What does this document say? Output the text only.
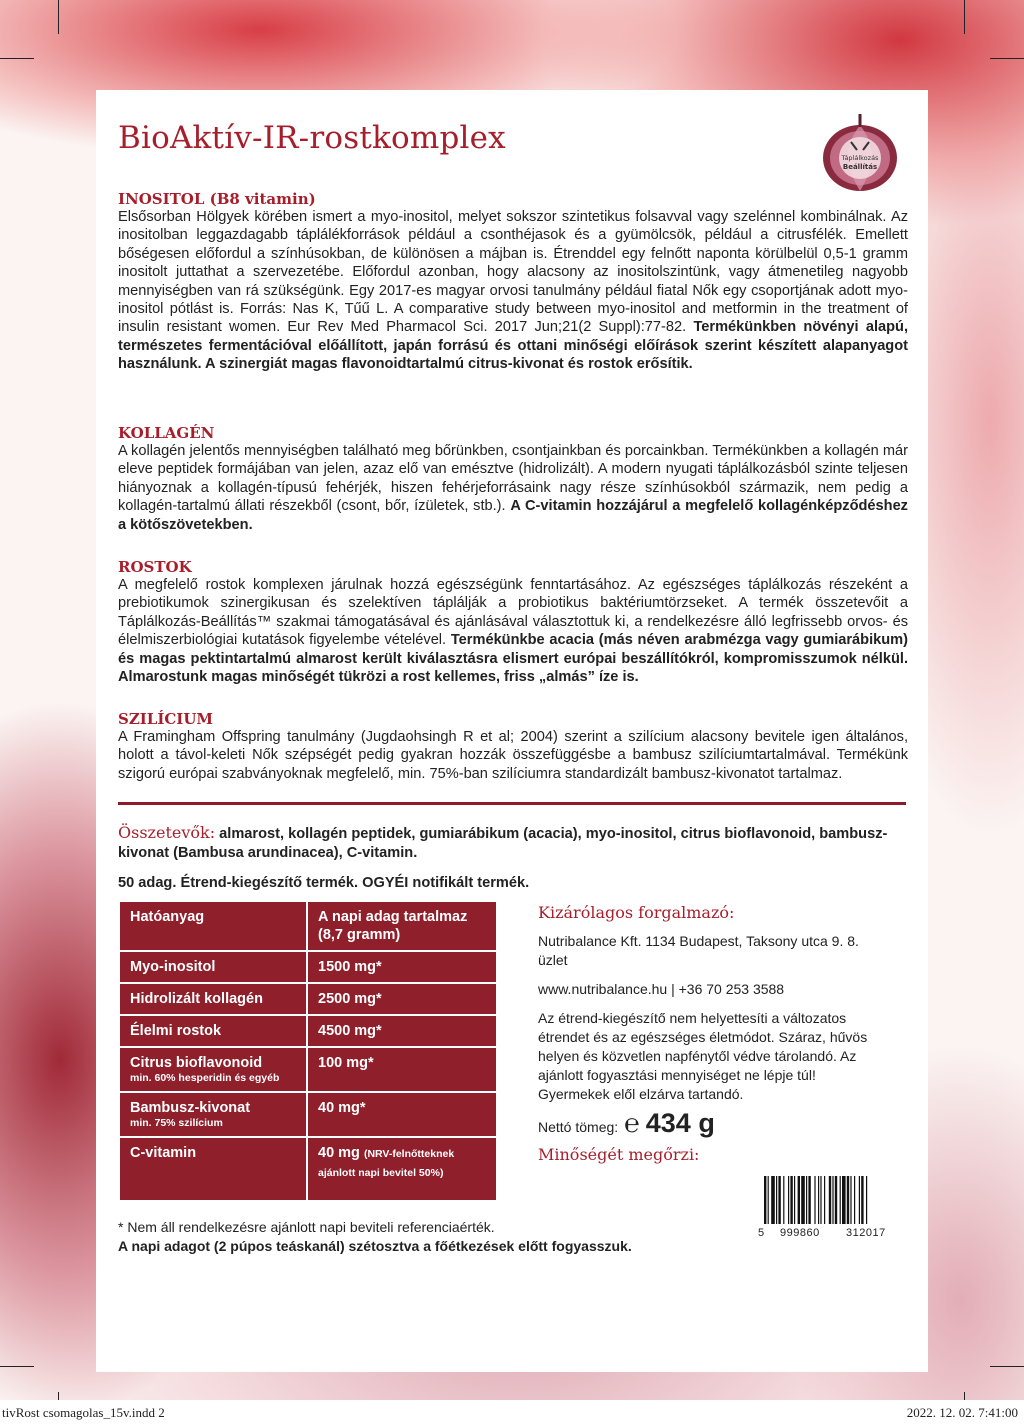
BioAktív-IR-rostkomplex
Táplálkozás
Beállítás
INOSITOL (B8 vitamin)

Elsősorban Hölgyek körében ismert a myo-inositol, melyet sokszor szintetikus folsavval vagy szelénnel kombinálnak. Az inositolban leggazdagabb táplálékforrások például a csonthéjasok és a gyümölcsök, például a citrusfélék. Emellett bőségesen előfordul a színhúsokban, de különösen a májban is. Étrenddel egy felnőtt naponta körülbelül 0,5-1 gramm inositolt juttathat a szervezetébe. Előfordul azonban, hogy alacsony az inositolszintünk, vagy átmenetileg nagyobb mennyiségben van rá szükségünk. Egy 2017-es magyar orvosi tanulmány például fiatal Nők egy csoportjának adott myo-inositol pótlást is. Forrás: Nas K, Tűű L. A comparative study between myo-inositol and metformin in the treatment of insulin resistant women. Eur Rev Med Pharmacol Sci. 2017 Jun;21(2 Suppl):77-82. Termékünkben növényi alapú, természetes fermentációval előállított, japán forrású és ottani minőségi előírások szerint készített alapanyagot használunk. A szinergiát magas flavonoidtartalmú citrus-kivonat és rostok erősítik.

KOLLAGÉN

A kollagén jelentős mennyiségben található meg bőrünkben, csontjainkban és porcainkban. Termékünkben a kollagén már eleve peptidek formájában van jelen, azaz elő van emésztve (hidrolizált). A modern nyugati táplálkozásból szinte teljesen hiányoznak a kollagén-típusú fehérjék, hiszen fehérjeforrásaink nagy része színhúsokból származik, nem pedig a kollagén-tartalmú állati részekből (csont, bőr, ízületek, stb.). A C-vitamin hozzájárul a megfelelő kollagénképződéshez a kötőszövetekben.

ROSTOK

A megfelelő rostok komplexen járulnak hozzá egészségünk fenntartásához. Az egészséges táplálkozás részeként a prebiotikumok szinergikusan és szelektíven táplálják a probiotikus baktériumtörzseket. A termék összetevőit a Táplálkozás-Beállítás™ szakmai támogatásával és ajánlásával választottuk ki, a rendelkezésre álló legfrissebb orvos- és élelmiszerbiológiai kutatások figyelembe vételével. Termékünkbe acacia (más néven arabmézga vagy gumiarábikum) és magas pektintartalmú almarost került kiválasztásra elismert európai beszállítókról, kompromisszumok nélkül. Almarostunk magas minőségét tükrözi a rost kellemes, friss „almás” íze is.

SZILÍCIUM

A Framingham Offspring tanulmány (Jugdaohsingh R et al; 2004) szerint a szilícium alacsony bevitele igen általános, holott a távol-keleti Nők szépségét pedig gyakran hozzák összefüggésbe a bambusz szilíciumtartalmával. Termékünk szigorú európai szabványoknak megfelelő, min. 75%-ban szilíciumra standardizált bambusz-kivonatot tartalmaz.

Összetevők: almarost, kollagén peptidek, gumiarábikum (acacia), myo-inositol, citrus bioflavonoid, bambusz-kivonat (Bambusa arundinacea), C-vitamin.
50 adag. Étrend-kiegészítő termék. OGYÉI notifikált termék.
Hatóanyag	A napi adag tartalmaz (8,7 gramm)
Myo-inositol	1500 mg*
Hidrolizált kollagén	2500 mg*
Élelmi rostok	4500 mg*
Citrus bioflavonoid
min. 60% hesperidin és egyéb	100 mg*
Bambusz-kivonat
min. 75% szilícium	40 mg*
C-vitamin	40 mg (NRV-felnőtteknek ajánlott napi bevitel 50%)
* Nem áll rendelkezésre ajánlott napi beviteli referenciaérték.
A napi adagot (2 púpos teáskanál) szétosztva a főétkezések előtt fogyasszuk.
Kizárólagos forgalmazó:

Nutribalance Kft. 1134 Budapest, Taksony utca 9. 8. üzlet

www.nutribalance.hu | +36 70 253 3588

Az étrend-kiegészítő nem helyettesíti a változatos étrendet és az egészséges életmódot. Száraz, hűvös helyen és közvetlen napfénytől védve tárolandó. Az ajánlott fogyasztási mennyiséget ne lépje túl! Gyermekek elől elzárva tartandó.

Nettó tömeg: ℮ 434 g
Minőségét megőrzi:
5 999860 312017
tivRost csomagolas_15v.indd 2	2022. 12. 02. 7:41:00
